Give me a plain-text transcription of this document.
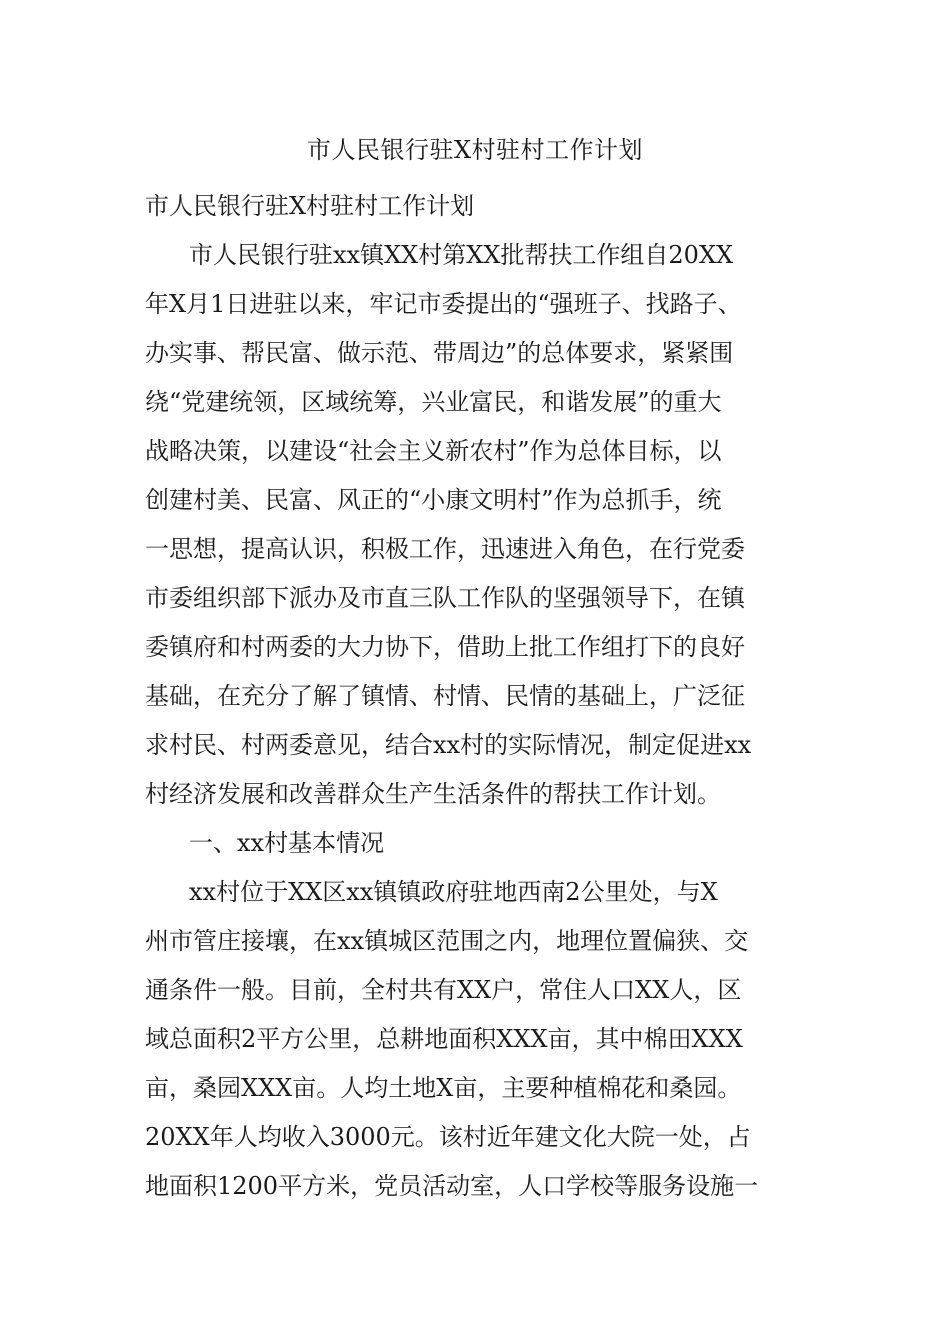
市人民银行驻X村驻村工作计划
市人民银行驻X村驻村工作计划
市人民银行驻xx镇XX村第XX批帮扶工作组自20XX
年X月1日进驻以来，牢记市委提出的“强班子、找路子、
办实事、帮民富、做示范、带周边”的总体要求，紧紧围
绕“党建统领，区域统筹，兴业富民，和谐发展”的重大
战略决策，以建设“社会主义新农村”作为总体目标，以
创建村美、民富、风正的“小康文明村”作为总抓手，统
一思想，提高认识，积极工作，迅速进入角色，在行党委
市委组织部下派办及市直三队工作队的坚强领导下，在镇
委镇府和村两委的大力协下，借助上批工作组打下的良好
基础，在充分了解了镇情、村情、民情的基础上，广泛征
求村民、村两委意见，结合xx村的实际情况，制定促进xx
村经济发展和改善群众生产生活条件的帮扶工作计划。
一、xx村基本情况
xx村位于XX区xx镇镇政府驻地西南2公里处，与X
州市管庄接壤，在xx镇城区范围之内，地理位置偏狭、交
通条件一般。目前，全村共有XX户，常住人口XX人，区
域总面积2平方公里，总耕地面积XXX亩，其中棉田XXX
亩，桑园XXX亩。人均土地X亩，主要种植棉花和桑园。
20XX年人均收入3000元。该村近年建文化大院一处，占
地面积1200平方米，党员活动室，人口学校等服务设施一
